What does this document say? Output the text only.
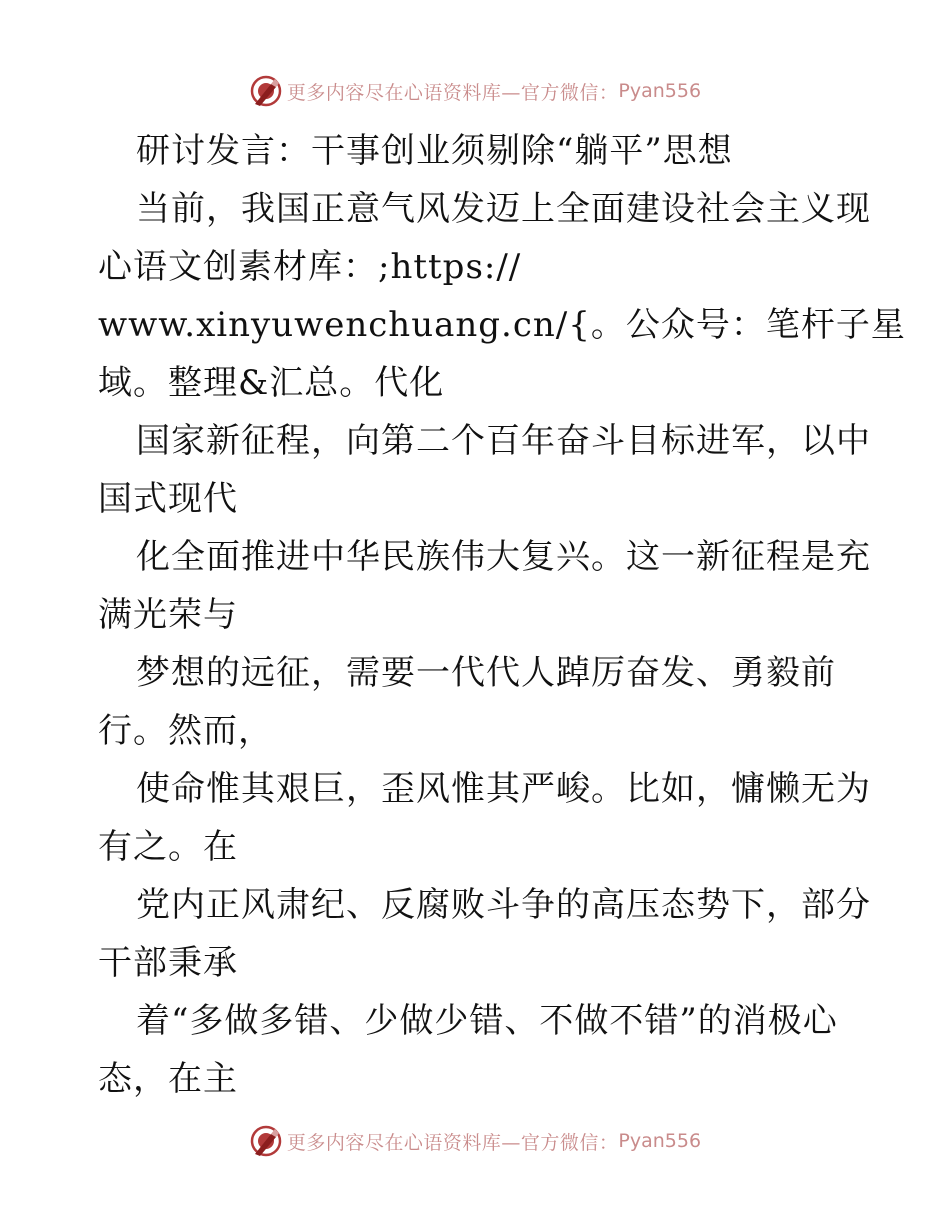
更多内容尽在心语资料库—官方微信： Pyan556
研讨发言：干事创业须剔除“躺平”思想
当前，我国正意气风发迈上全面建设社会主义现
心语文创素材库：;https://
www.xinyuwenchuang.cn/{。公众号：笔杆子星
域。整理&汇总。代化
国家新征程，向第二个百年奋斗目标进军，以中
国式现代
化全面推进中华民族伟大复兴。这一新征程是充
满光荣与
梦想的远征，需要一代代人踔厉奋发、勇毅前
行。然而，
使命惟其艰巨，歪风惟其严峻。比如，慵懒无为
有之。在
党内正风肃纪、反腐败斗争的高压态势下，部分
干部秉承
着“多做多错、少做少错、不做不错”的消极心
态，在主
更多内容尽在心语资料库—官方微信： Pyan556
